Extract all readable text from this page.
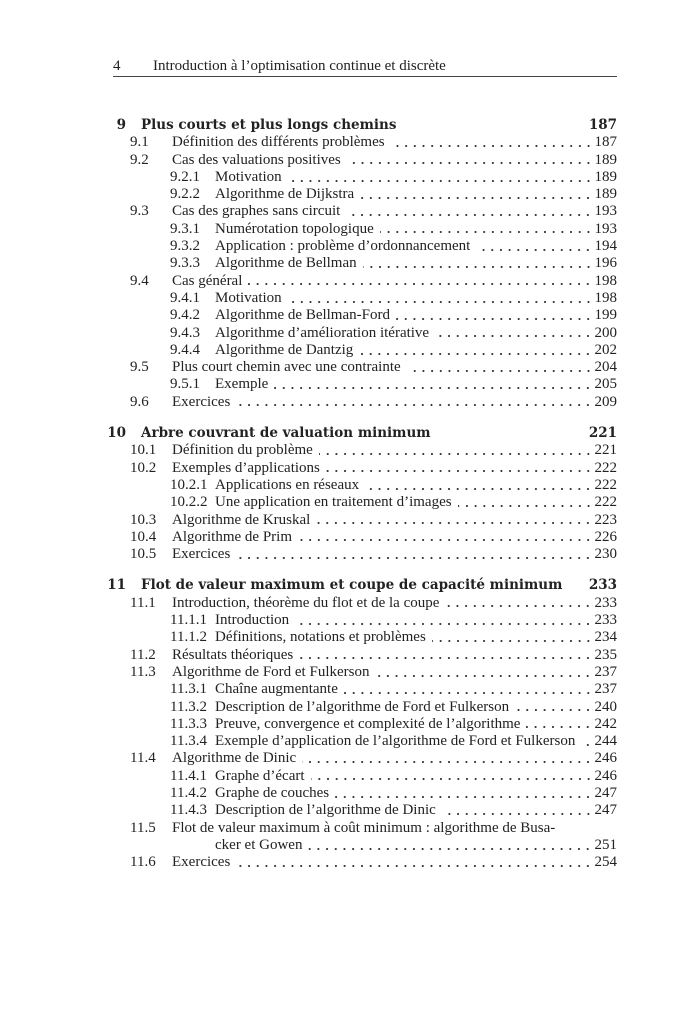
4 Introduction à l’optimisation continue et discrète
9 Plus courts et plus longs chemins	187
9.1	Définition des différents problèmes	187
9.2	Cas des valuations positives	189
9.2.1	Motivation	189
9.2.2	Algorithme de Dijkstra	189
9.3	Cas des graphes sans circuit	193
9.3.1	Numérotation topologique	193
9.3.2	Application : problème d’ordonnancement	194
9.3.3	Algorithme de Bellman	196
9.4	Cas général	198
9.4.1	Motivation	198
9.4.2	Algorithme de Bellman-Ford	199
9.4.3	Algorithme d’amélioration itérative	200
9.4.4	Algorithme de Dantzig	202
9.5	Plus court chemin avec une contrainte	204
9.5.1	Exemple	205
9.6	Exercices	209
10 Arbre couvrant de valuation minimum	221
10.1	Définition du problème	221
10.2	Exemples d’applications	222
10.2.1 Applications en réseaux	222
10.2.2 Une application en traitement d’images	222
10.3	Algorithme de Kruskal	223
10.4	Algorithme de Prim	226
10.5	Exercices	230
11 Flot de valeur maximum et coupe de capacité minimum 233
11.1	Introduction, théorème du flot et de la coupe	233
11.1.1 Introduction	233
11.1.2 Définitions, notations et problèmes	234
11.2	Résultats théoriques	235
11.3	Algorithme de Ford et Fulkerson	237
11.3.1 Chaîne augmentante	237
11.3.2 Description de l’algorithme de Ford et Fulkerson	240
11.3.3 Preuve, convergence et complexité de l’algorithme	242
11.3.4 Exemple d’application de l’algorithme de Ford et Fulkerson 244
11.4	Algorithme de Dinic	246
11.4.1 Graphe d’écart	246
11.4.2 Graphe de couches	247
11.4.3 Description de l’algorithme de Dinic	247
11.5	Flot de valeur maximum à coût minimum : algorithme de Busa-
cker et Gowen	251
11.6	Exercices	254
